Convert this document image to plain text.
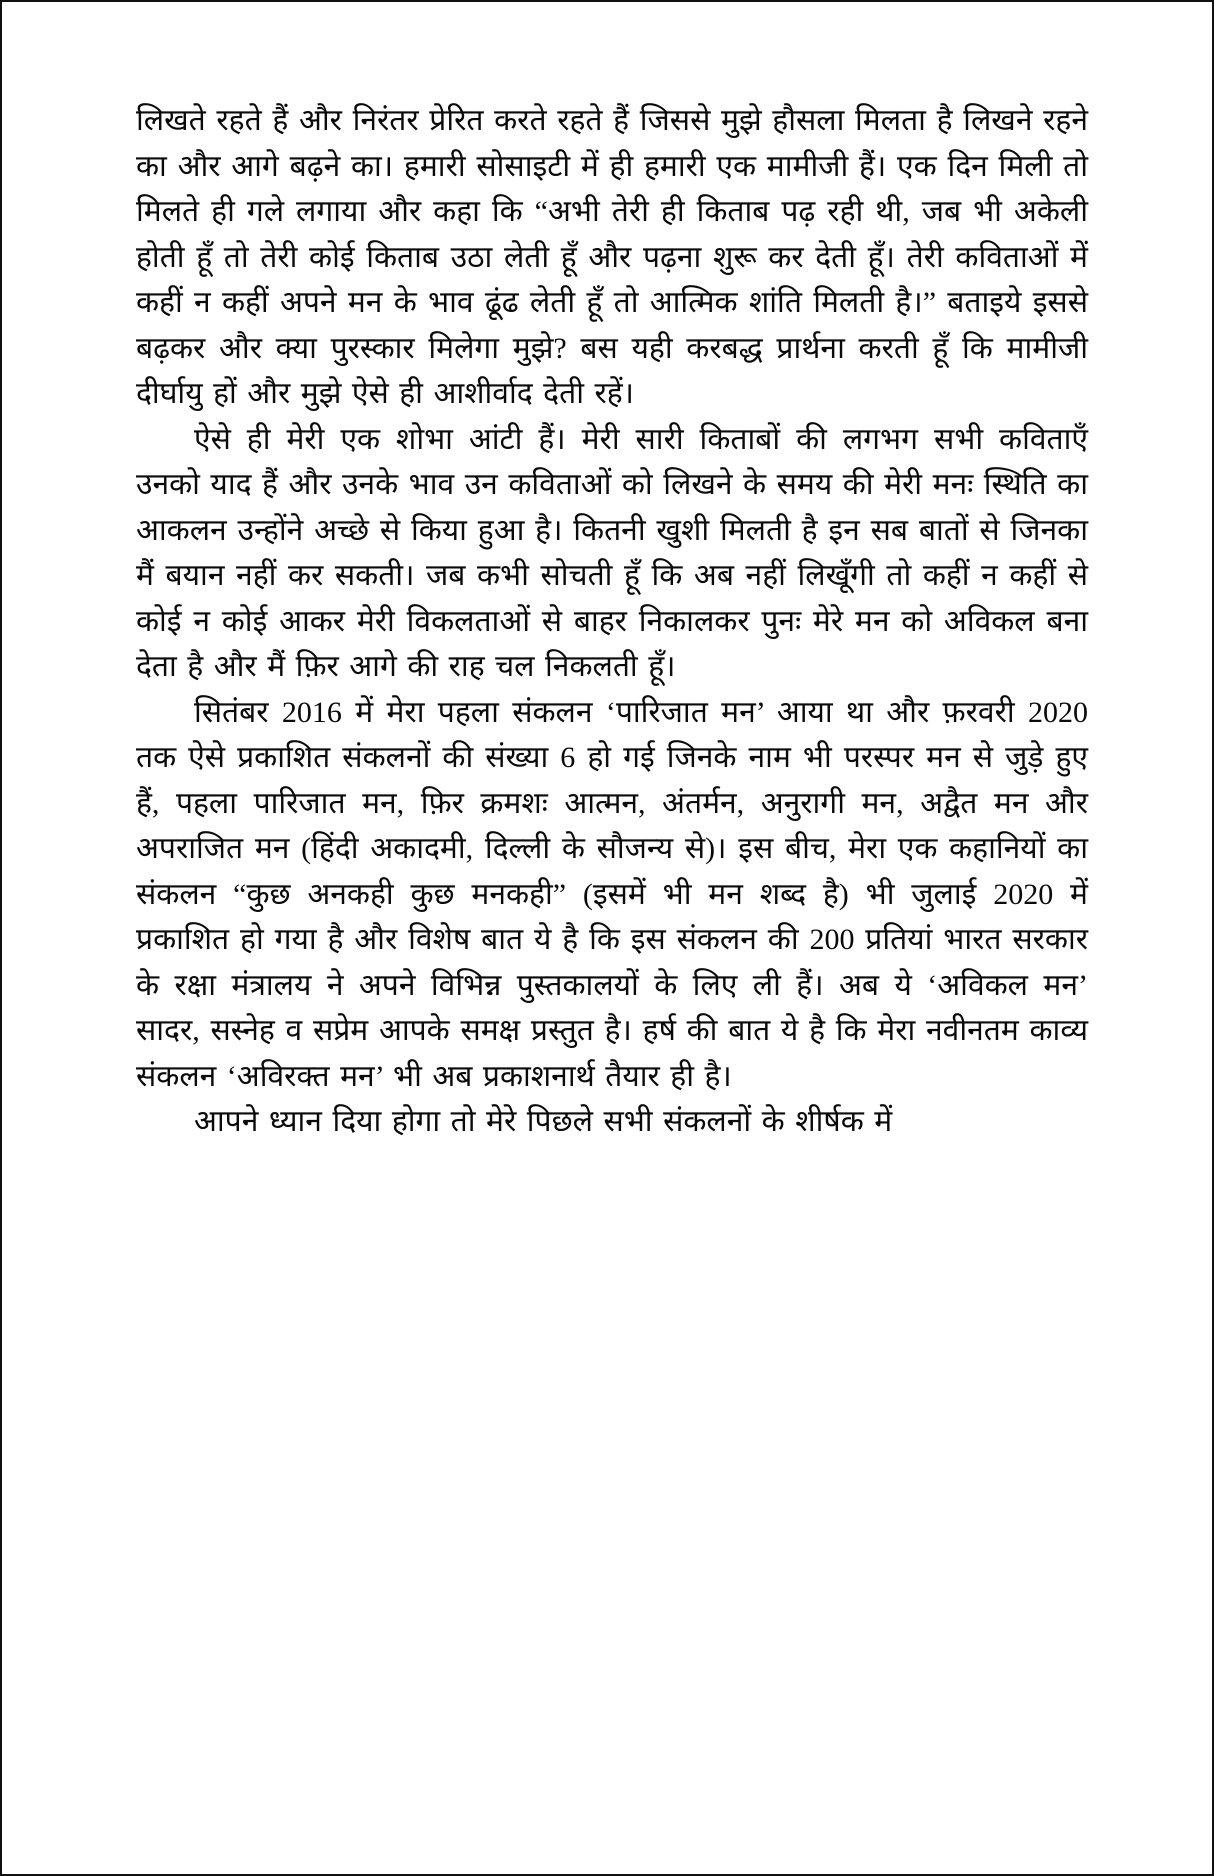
लिखते रहते हैं और निरंतर प्रेरित करते रहते हैं जिससे मुझे हौसला मिलता है लिखने रहने का और आगे बढ़ने का। हमारी सोसाइटी में ही हमारी एक मामीजी हैं। एक दिन मिली तो मिलते ही गले लगाया और कहा कि “अभी तेरी ही किताब पढ़ रही थी, जब भी अकेली होती हूँ तो तेरी कोई किताब उठा लेती हूँ और पढ़ना शुरू कर देती हूँ। तेरी कविताओं में कहीं न कहीं अपने मन के भाव ढूंढ लेती हूँ तो आत्मिक शांति मिलती है।” बताइये इससे बढ़कर और क्या पुरस्कार मिलेगा मुझे? बस यही करबद्ध प्रार्थना करती हूँ कि मामीजी दीर्घायु हों और मुझे ऐसे ही आशीर्वाद देती रहें।

ऐसे ही मेरी एक शोभा आंटी हैं। मेरी सारी किताबों की लगभग सभी कविताएँ उनको याद हैं और उनके भाव उन कविताओं को लिखने के समय की मेरी मनः स्थिति का आकलन उन्होंने अच्छे से किया हुआ है। कितनी खुशी मिलती है इन सब बातों से जिनका मैं बयान नहीं कर सकती। जब कभी सोचती हूँ कि अब नहीं लिखूँगी तो कहीं न कहीं से कोई न कोई आकर मेरी विकलताओं से बाहर निकालकर पुनः मेरे मन को अविकल बना देता है और मैं फ़िर आगे की राह चल निकलती हूँ।

सितंबर 2016 में मेरा पहला संकलन ‘पारिजात मन’ आया था और फ़रवरी 2020 तक ऐसे प्रकाशित संकलनों की संख्या 6 हो गई जिनके नाम भी परस्पर मन से जुड़े हुए हैं, पहला पारिजात मन, फ़िर क्रमशः आत्मन, अंतर्मन, अनुरागी मन, अद्वैत मन और अपराजित मन (हिंदी अकादमी, दिल्ली के सौजन्य से)। इस बीच, मेरा एक कहानियों का संकलन “कुछ अनकही कुछ मनकही” (इसमें भी मन शब्द है) भी जुलाई 2020 में प्रकाशित हो गया है और विशेष बात ये है कि इस संकलन की 200 प्रतियां भारत सरकार के रक्षा मंत्रालय ने अपने विभिन्न पुस्तकालयों के लिए ली हैं। अब ये ‘अविकल मन’ सादर, सस्नेह व सप्रेम आपके समक्ष प्रस्तुत है। हर्ष की बात ये है कि मेरा नवीनतम काव्य संकलन ‘अविरक्त मन’ भी अब प्रकाशनार्थ तैयार ही है।

आपने ध्यान दिया होगा तो मेरे पिछले सभी संकलनों के शीर्षक में
